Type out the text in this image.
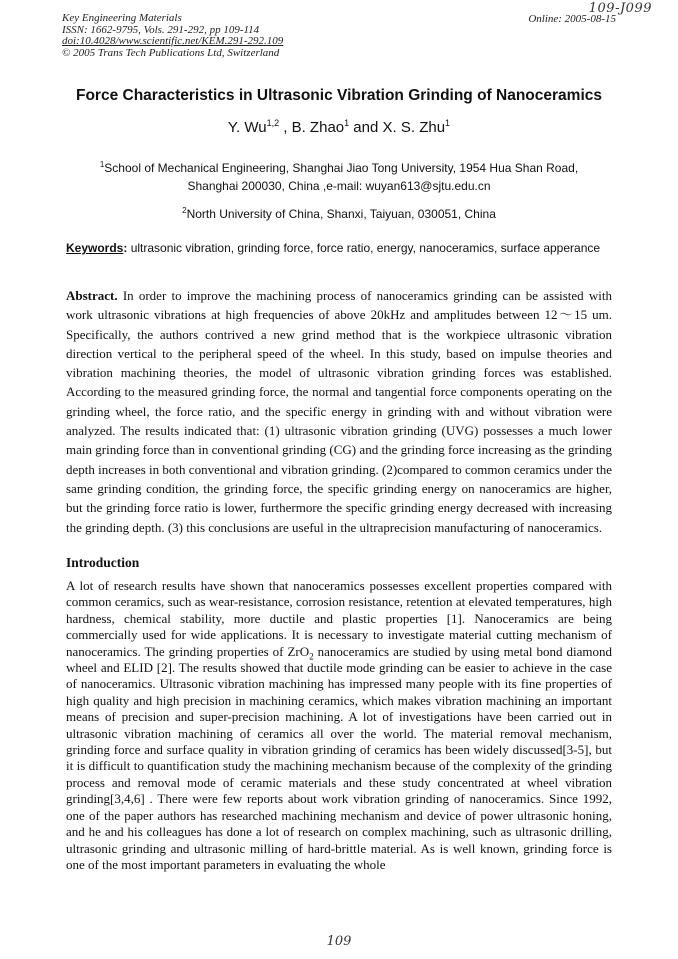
109-J099
Key Engineering Materials
ISSN: 1662-9795, Vols. 291-292, pp 109-114
doi:10.4028/www.scientific.net/KEM.291-292.109
© 2005 Trans Tech Publications Ltd, Switzerland
Online: 2005-08-15
Force Characteristics in Ultrasonic Vibration Grinding of Nanoceramics
Y. Wu$^{1,2}$ , B. Zhao$^1$ and X. S. Zhu$^1$
$^1$School of Mechanical Engineering, Shanghai Jiao Tong University, 1954 Hua Shan Road,
Shanghai 200030, China ,e-mail: wuyan613@sjtu.edu.cn
$^2$North University of China, Shanxi, Taiyuan, 030051, China
Keywords: ultrasonic vibration, grinding force, force ratio, energy, nanoceramics, surface apperance
Abstract. In order to improve the machining process of nanoceramics grinding can be assisted with work ultrasonic vibrations at high frequencies of above 20kHz and amplitudes between 12～15 um. Specifically, the authors contrived a new grind method that is the workpiece ultrasonic vibration direction vertical to the peripheral speed of the wheel. In this study, based on impulse theories and vibration machining theories, the model of ultrasonic vibration grinding forces was established. According to the measured grinding force, the normal and tangential force components operating on the grinding wheel, the force ratio, and the specific energy in grinding with and without vibration were analyzed. The results indicated that: (1) ultrasonic vibration grinding (UVG) possesses a much lower main grinding force than in conventional grinding (CG) and the grinding force increasing as the grinding depth increases in both conventional and vibration grinding. (2)compared to common ceramics under the same grinding condition, the grinding force, the specific grinding energy on nanoceramics are higher, but the grinding force ratio is lower, furthermore the specific grinding energy decreased with increasing the grinding depth. (3) this conclusions are useful in the ultraprecision manufacturing of nanoceramics.
Introduction
A lot of research results have shown that nanoceramics possesses excellent properties compared with common ceramics, such as wear-resistance, corrosion resistance, retention at elevated temperatures, high hardness, chemical stability, more ductile and plastic properties [1]. Nanoceramics are being commercially used for wide applications. It is necessary to investigate material cutting mechanism of nanoceramics. The grinding properties of ZrO$_2$ nanoceramics are studied by using metal bond diamond wheel and ELID [2]. The results showed that ductile mode grinding can be easier to achieve in the case of nanoceramics. Ultrasonic vibration machining has impressed many people with its fine properties of high quality and high precision in machining ceramics, which makes vibration machining an important means of precision and super-precision machining. A lot of investigations have been carried out in ultrasonic vibration machining of ceramics all over the world. The material removal mechanism, grinding force and surface quality in vibration grinding of ceramics has been widely discussed[3-5], but it is difficult to quantification study the machining mechanism because of the complexity of the grinding process and removal mode of ceramic materials and these study concentrated at wheel vibration grinding[3,4,6] . There were few reports about work vibration grinding of nanoceramics. Since 1992, one of the paper authors has researched machining mechanism and device of power ultrasonic honing, and he and his colleagues has done a lot of research on complex machining, such as ultrasonic drilling, ultrasonic grinding and ultrasonic milling of hard-brittle material. As is well known, grinding force is one of the most important parameters in evaluating the whole
109
